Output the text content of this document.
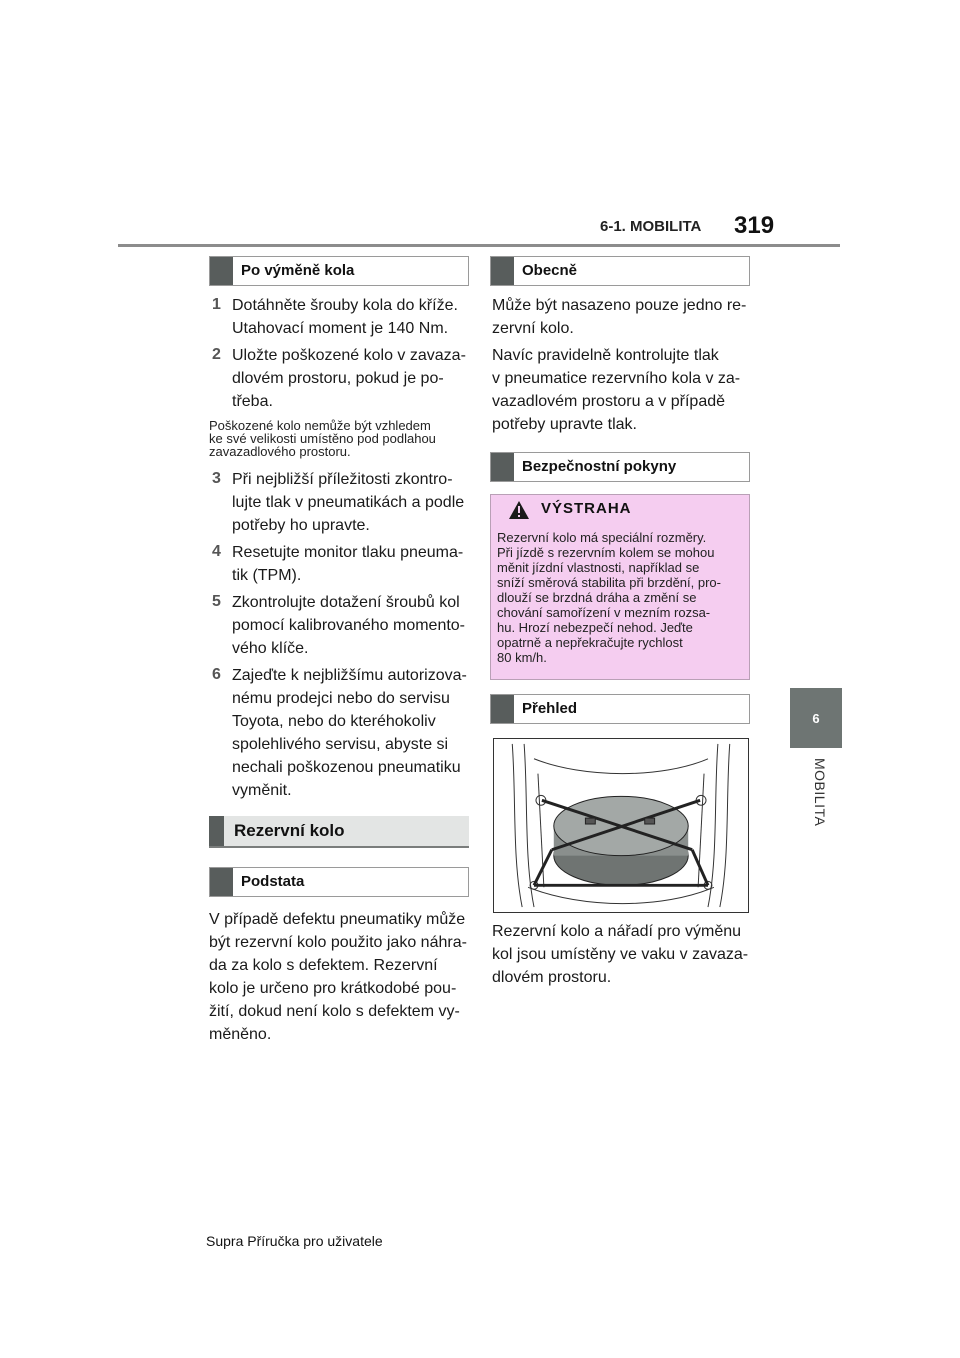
6-1. MOBILITA 319
6
MOBILITA
Po výměně kola
1 Dotáhněte šrouby kola do kříže.
Utahovací moment je 140 Nm.
2 Uložte poškozené kolo v zavaza-
dlovém prostoru, pokud je po-
třeba.
Poškozené kolo nemůže být vzhledem
ke své velikosti umístěno pod podlahou
zavazadlového prostoru.
3 Při nejbližší příležitosti zkontro-
lujte tlak v pneumatikách a podle
potřeby ho upravte.
4 Resetujte monitor tlaku pneuma-
tik (TPM).
5 Zkontrolujte dotažení šroubů kol
pomocí kalibrovaného momento-
vého klíče.
6 Zajeďte k nejbližšímu autorizova-
nému prodejci nebo do servisu
Toyota, nebo do kteréhokoliv
spolehlivého servisu, abyste si
nechali poškozenou pneumatiku
vyměnit.
Rezervní kolo
Podstata
V případě defektu pneumatiky může
být rezervní kolo použito jako náhra-
da za kolo s defektem. Rezervní
kolo je určeno pro krátkodobé pou-
žití, dokud není kolo s defektem vy-
měněno.
Obecně
Může být nasazeno pouze jedno re-
zervní kolo.
Navíc pravidelně kontrolujte tlak
v pneumatice rezervního kola v za-
vazadlovém prostoru a v případě
potřeby upravte tlak.
Bezpečnostní pokyny
VÝSTRAHA
Rezervní kolo má speciální rozměry.
Při jízdě s rezervním kolem se mohou
měnit jízdní vlastnosti, například se
sníží směrová stabilita při brzdění, pro-
dlouží se brzdná dráha a změní se
chování samořízení v mezním rozsa-
hu. Hrozí nebezpečí nehod. Jeďte
opatrně a nepřekračujte rychlost
80 km/h.
Přehled
Rezervní kolo a nářadí pro výměnu
kol jsou umístěny ve vaku v zavaza-
dlovém prostoru.
Supra Příručka pro uživatele
